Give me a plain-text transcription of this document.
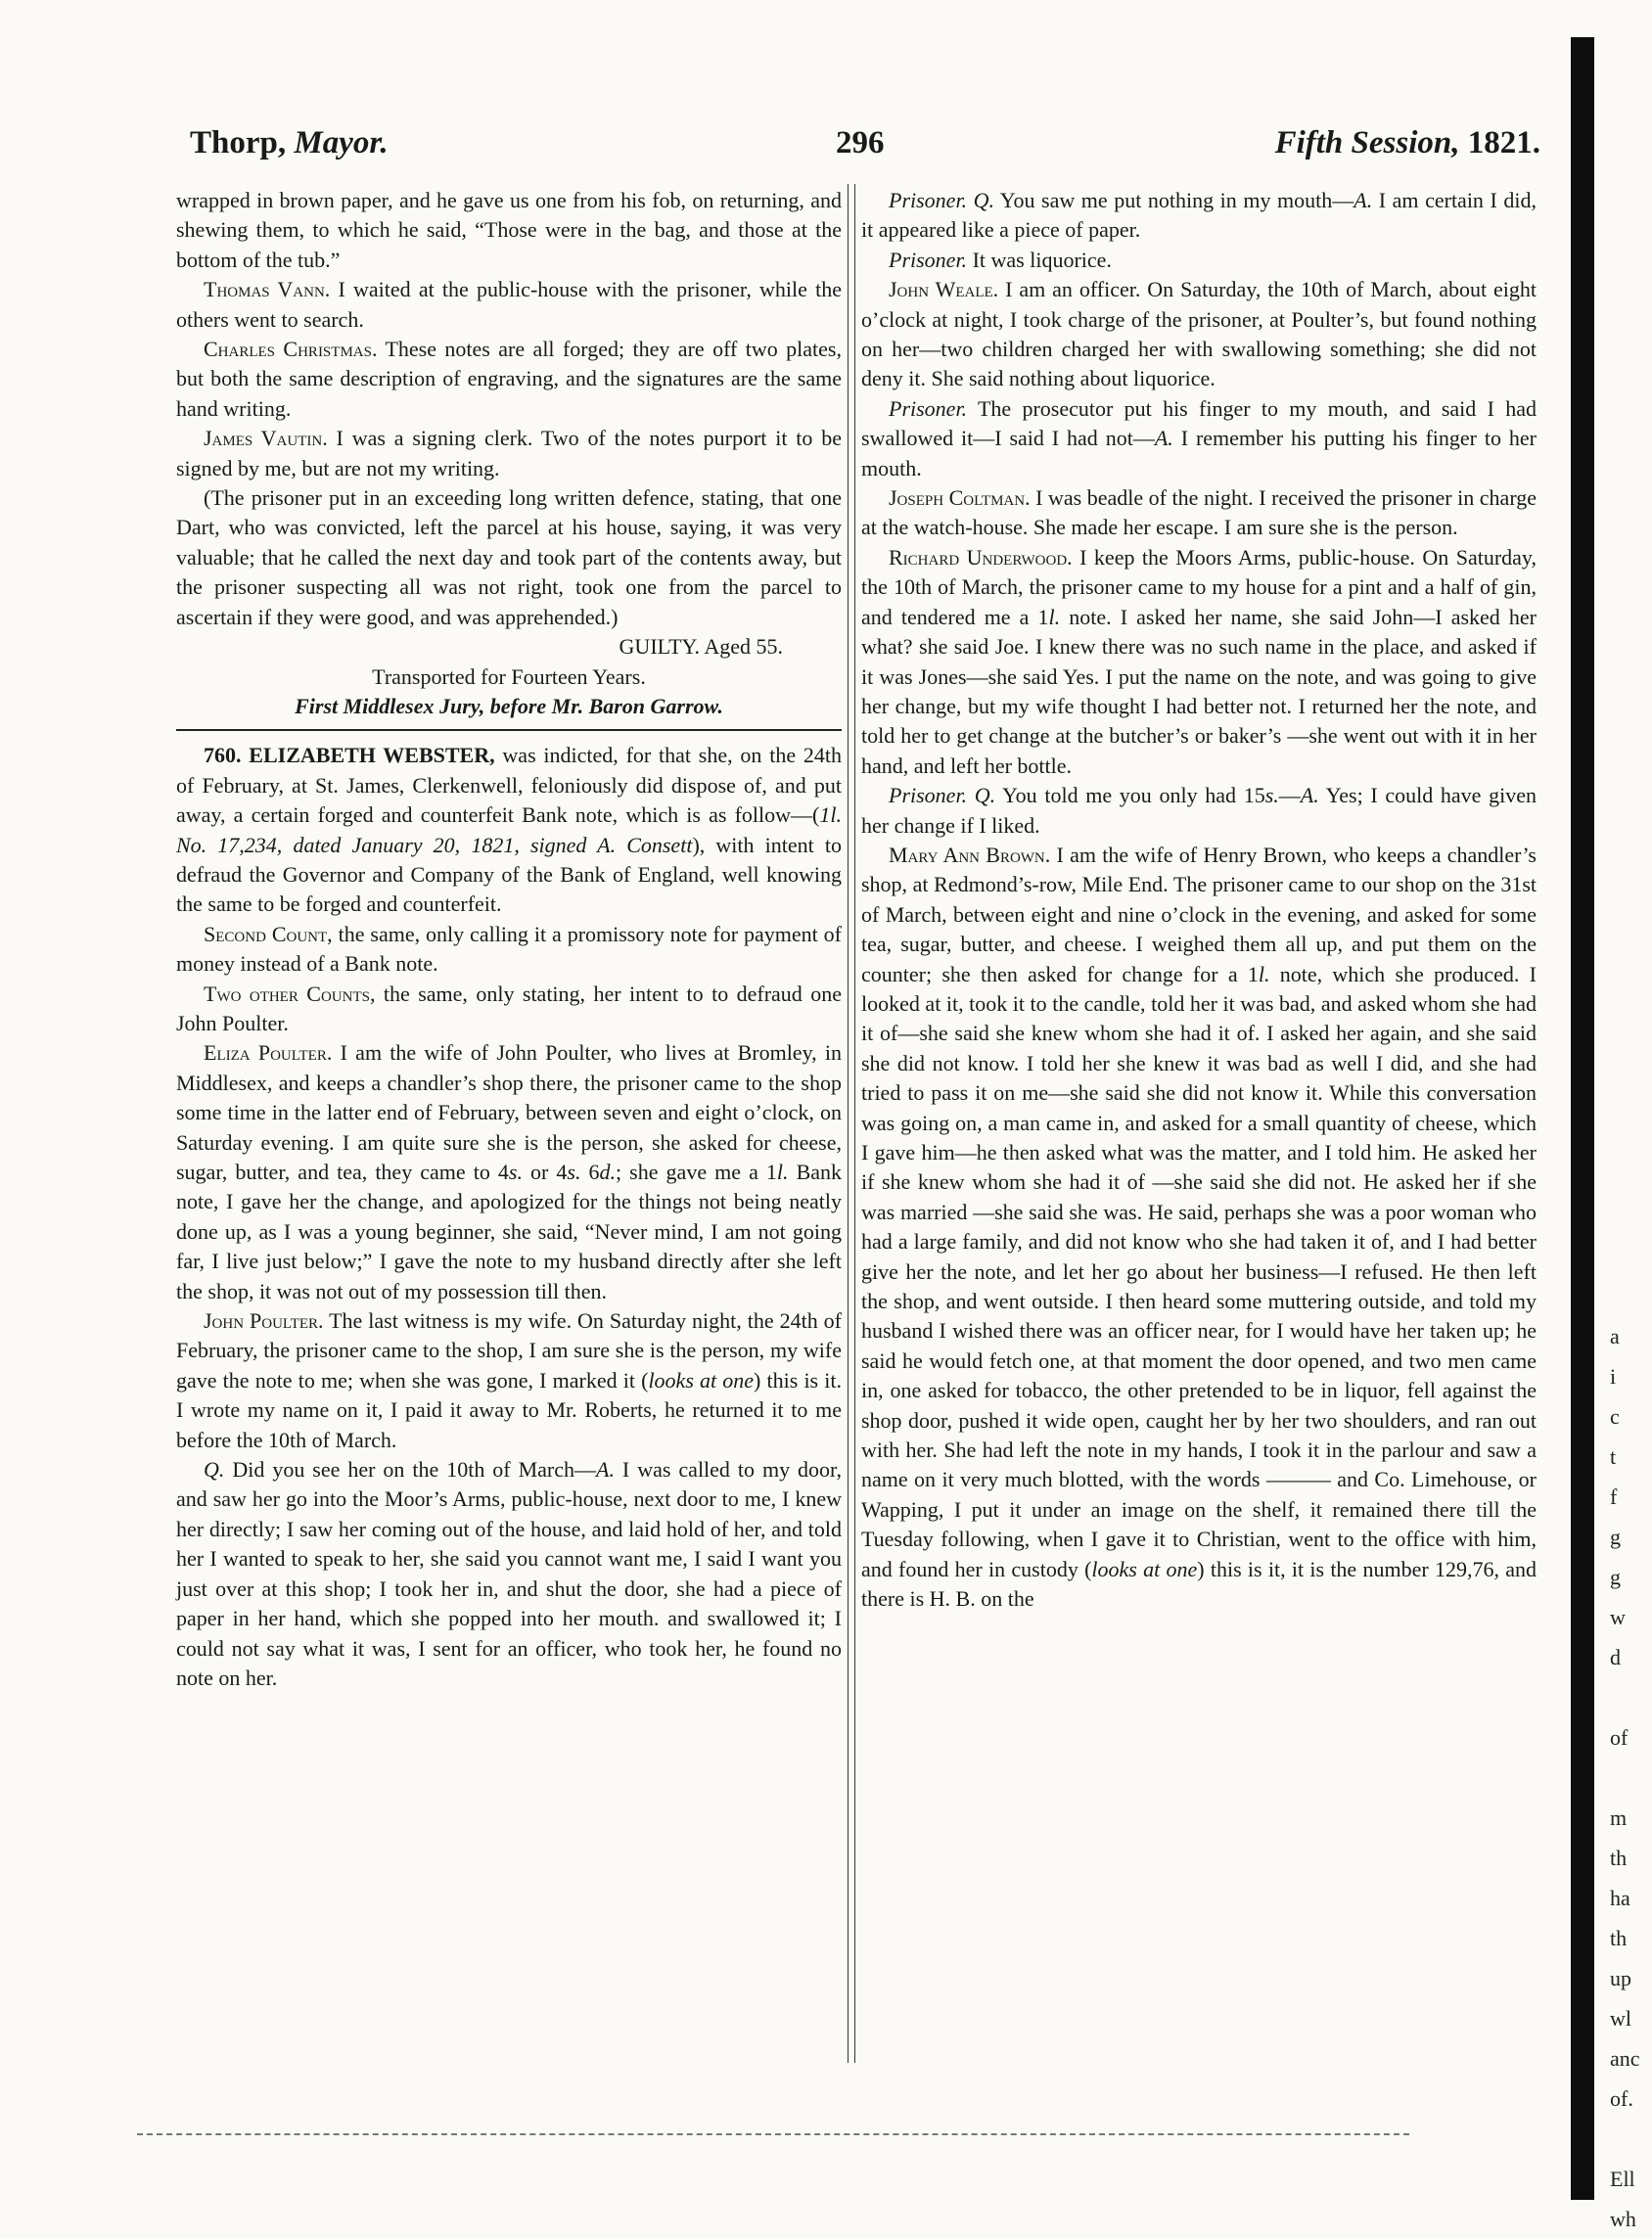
Thorp, Mayor.	296	Fifth Session, 1821.

wrapped in brown paper, and he gave us one from his fob, on returning, and shewing them, to which he said, “Those were in the bag, and those at the bottom of the tub.”

Thomas Vann. I waited at the public-house with the prisoner, while the others went to search.

Charles Christmas. These notes are all forged; they are off two plates, but both the same description of engraving, and the signatures are the same hand writing.

James Vautin. I was a signing clerk. Two of the notes purport it to be signed by me, but are not my writing.

(The prisoner put in an exceeding long written defence, stating, that one Dart, who was convicted, left the parcel at his house, saying, it was very valuable; that he called the next day and took part of the contents away, but the prisoner suspecting all was not right, took one from the parcel to ascertain if they were good, and was apprehended.)

GUILTY. Aged 55.

Transported for Fourteen Years.

First Middlesex Jury, before Mr. Baron Garrow.

760. ELIZABETH WEBSTER, was indicted, for that she, on the 24th of February, at St. James, Clerkenwell, feloniously did dispose of, and put away, a certain forged and counterfeit Bank note, which is as follow—(1l. No. 17,234, dated January 20, 1821, signed A. Consett), with intent to defraud the Governor and Company of the Bank of England, well knowing the same to be forged and counterfeit.

Second Count, the same, only calling it a promissory note for payment of money instead of a Bank note.

Two other Counts, the same, only stating, her intent to to defraud one John Poulter.

Eliza Poulter. I am the wife of John Poulter, who lives at Bromley, in Middlesex, and keeps a chandler’s shop there, the prisoner came to the shop some time in the latter end of February, between seven and eight o’clock, on Saturday evening. I am quite sure she is the person, she asked for cheese, sugar, butter, and tea, they came to 4s. or 4s. 6d.; she gave me a 1l. Bank note, I gave her the change, and apologized for the things not being neatly done up, as I was a young beginner, she said, “Never mind, I am not going far, I live just below;” I gave the note to my husband directly after she left the shop, it was not out of my possession till then.

John Poulter. The last witness is my wife. On Saturday night, the 24th of February, the prisoner came to the shop, I am sure she is the person, my wife gave the note to me; when she was gone, I marked it (looks at one) this is it. I wrote my name on it, I paid it away to Mr. Roberts, he returned it to me before the 10th of March.

Q. Did you see her on the 10th of March—A. I was called to my door, and saw her go into the Moor’s Arms, public-house, next door to me, I knew her directly; I saw her coming out of the house, and laid hold of her, and told her I wanted to speak to her, she said you cannot want me, I said I want you just over at this shop; I took her in, and shut the door, she had a piece of paper in her hand, which she popped into her mouth. and swallowed it; I could not say what it was, I sent for an officer, who took her, he found no note on her.

Prisoner. Q. You saw me put nothing in my mouth—A. I am certain I did, it appeared like a piece of paper.

Prisoner. It was liquorice.

John Weale. I am an officer. On Saturday, the 10th of March, about eight o’clock at night, I took charge of the prisoner, at Poulter’s, but found nothing on her—two children charged her with swallowing something; she did not deny it. She said nothing about liquorice.

Prisoner. The prosecutor put his finger to my mouth, and said I had swallowed it—I said I had not—A. I remember his putting his finger to her mouth.

Joseph Coltman. I was beadle of the night. I received the prisoner in charge at the watch-house. She made her escape. I am sure she is the person.

Richard Underwood. I keep the Moors Arms, public-house. On Saturday, the 10th of March, the prisoner came to my house for a pint and a half of gin, and tendered me a 1l. note. I asked her name, she said John—I asked her what? she said Joe. I knew there was no such name in the place, and asked if it was Jones—she said Yes. I put the name on the note, and was going to give her change, but my wife thought I had better not. I returned her the note, and told her to get change at the butcher’s or baker’s —she went out with it in her hand, and left her bottle.

Prisoner. Q. You told me you only had 15s.—A. Yes; I could have given her change if I liked.

Mary Ann Brown. I am the wife of Henry Brown, who keeps a chandler’s shop, at Redmond’s-row, Mile End. The prisoner came to our shop on the 31st of March, between eight and nine o’clock in the evening, and asked for some tea, sugar, butter, and cheese. I weighed them all up, and put them on the counter; she then asked for change for a 1l. note, which she produced. I looked at it, took it to the candle, told her it was bad, and asked whom she had it of—she said she knew whom she had it of. I asked her again, and she said she did not know. I told her she knew it was bad as well I did, and she had tried to pass it on me—she said she did not know it. While this conversation was going on, a man came in, and asked for a small quantity of cheese, which I gave him—he then asked what was the matter, and I told him. He asked her if she knew whom she had it of —she said she did not. He asked her if she was married —she said she was. He said, perhaps she was a poor woman who had a large family, and did not know who she had taken it of, and I had better give her the note, and let her go about her business—I refused. He then left the shop, and went outside. I then heard some muttering outside, and told my husband I wished there was an officer near, for I would have her taken up; he said he would fetch one, at that moment the door opened, and two men came in, one asked for tobacco, the other pretended to be in liquor, fell against the shop door, pushed it wide open, caught her by her two shoulders, and ran out with her. She had left the note in my hands, I took it in the parlour and saw a name on it very much blotted, with the words ——— and Co. Limehouse, or Wapping, I put it under an image on the shelf, it remained there till the Tuesday following, when I gave it to Christian, went to the office with him, and found her in custody (looks at one) this is it, it is the number 129,76, and there is H. B. on the

a
i
c
t
f
g
g
w
d

of

m
th
ha
th
up
wl
anc
of.

Ell
wh
